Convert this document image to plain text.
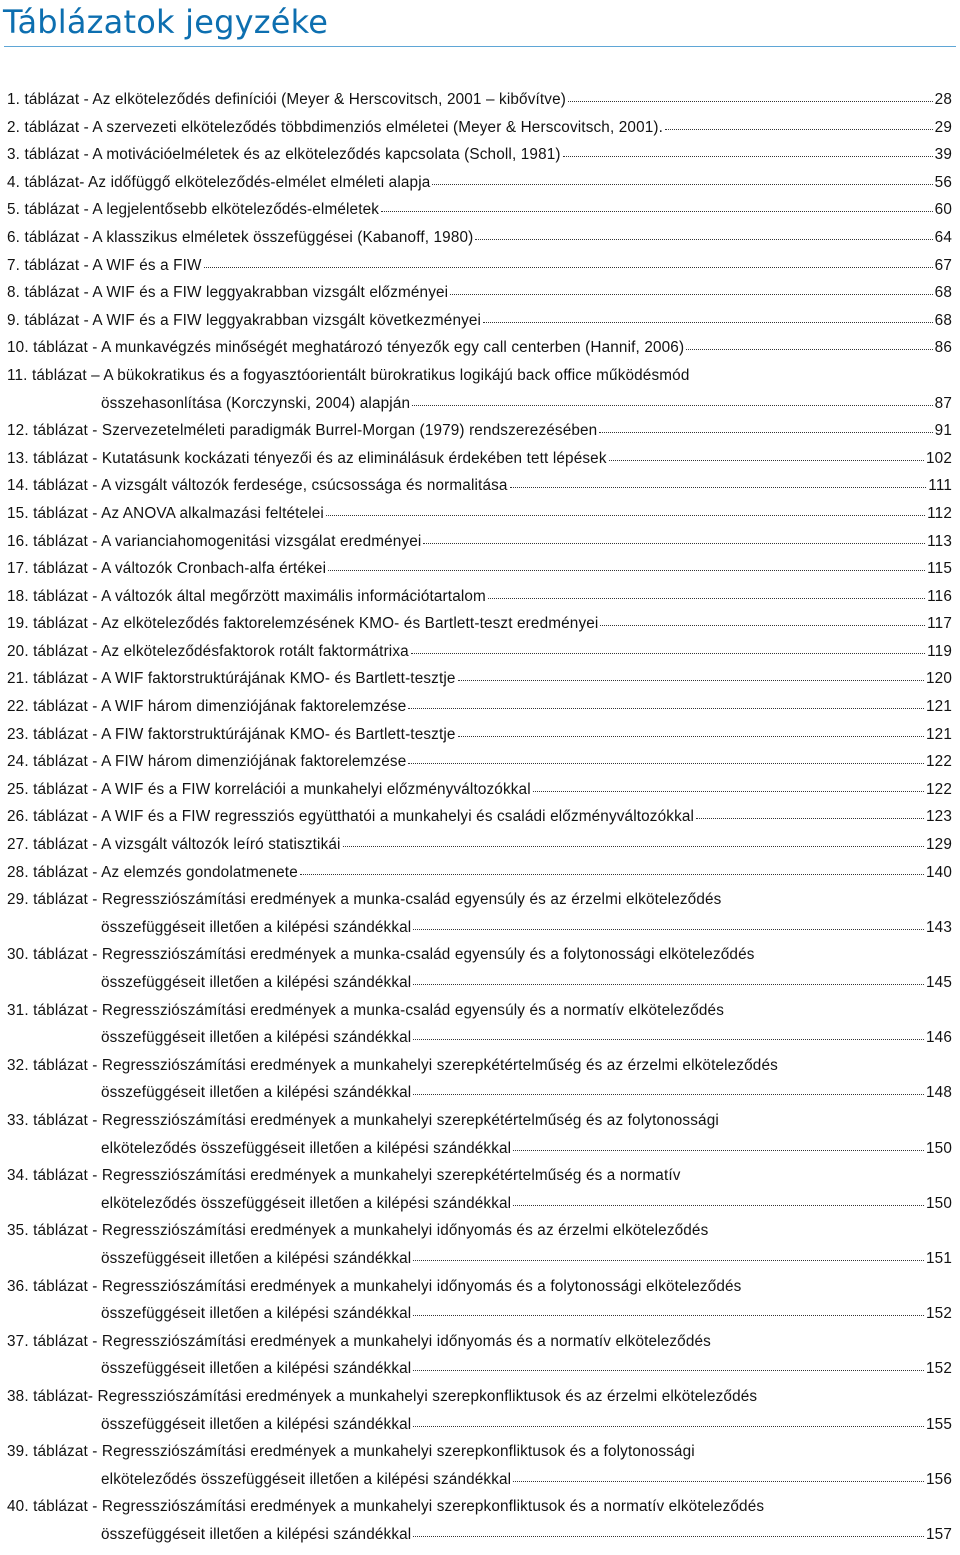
Táblázatok jegyzéke
1. táblázat - Az elköteleződés definíciói (Meyer & Herscovitsch, 2001 – kibővítve)	28
2. táblázat - A szervezeti elköteleződés többdimenziós elméletei (Meyer & Herscovitsch, 2001).	29
3. táblázat - A motivációelméletek és az elköteleződés kapcsolata (Scholl, 1981)	39
4. táblázat- Az időfüggő elköteleződés-elmélet elméleti alapja	56
5. táblázat - A legjelentősebb elköteleződés-elméletek	60
6. táblázat - A klasszikus elméletek összefüggései (Kabanoff, 1980)	64
7. táblázat - A WIF és a FIW	67
8. táblázat - A WIF és a FIW leggyakrabban vizsgált előzményei	68
9. táblázat - A WIF és a FIW leggyakrabban vizsgált következményei	68
10. táblázat - A munkavégzés minőségét meghatározó tényezők egy call centerben (Hannif, 2006)	86
11. táblázat – A bükokratikus és a fogyasztóorientált bürokratikus logikájú back office működésmód
összehasonlítása (Korczynski, 2004) alapján	87
12. táblázat - Szervezetelméleti paradigmák Burrel-Morgan (1979) rendszerezésében	91
13. táblázat - Kutatásunk kockázati tényezői és az eliminálásuk érdekében tett lépések	102
14. táblázat - A vizsgált változók ferdesége, csúcsossága és normalitása	111
15. táblázat - Az ANOVA alkalmazási feltételei	112
16. táblázat - A varianciahomogenitási vizsgálat eredményei	113
17. táblázat - A változók Cronbach-alfa értékei	115
18. táblázat - A változók által megőrzött maximális információtartalom	116
19. táblázat - Az elköteleződés faktorelemzésének KMO- és Bartlett-teszt eredményei	117
20. táblázat - Az elköteleződésfaktorok rotált faktormátrixa	119
21. táblázat - A WIF faktorstruktúrájának KMO- és Bartlett-tesztje	120
22. táblázat - A WIF három dimenziójának faktorelemzése	121
23. táblázat - A FIW faktorstruktúrájának KMO- és Bartlett-tesztje	121
24. táblázat - A FIW három dimenziójának faktorelemzése	122
25. táblázat - A WIF és a FIW korrelációi a munkahelyi előzményváltozókkal	122
26. táblázat - A WIF és a FIW regressziós együtthatói a munkahelyi és családi előzményváltozókkal	123
27. táblázat - A vizsgált változók leíró statisztikái	129
28. táblázat - Az elemzés gondolatmenete	140
29. táblázat - Regressziószámítási eredmények a munka-család egyensúly és az érzelmi elköteleződés
összefüggéseit illetően a kilépési szándékkal	143
30. táblázat - Regressziószámítási eredmények a munka-család egyensúly és a folytonossági elköteleződés
összefüggéseit illetően a kilépési szándékkal	145
31. táblázat - Regressziószámítási eredmények a munka-család egyensúly és a normatív elköteleződés
összefüggéseit illetően a kilépési szándékkal	146
32. táblázat - Regressziószámítási eredmények a munkahelyi szerepkétértelműség és az érzelmi elköteleződés
összefüggéseit illetően a kilépési szándékkal	148
33. táblázat - Regressziószámítási eredmények a munkahelyi szerepkétértelműség és az folytonossági
elköteleződés összefüggéseit illetően a kilépési szándékkal	150
34. táblázat - Regressziószámítási eredmények a munkahelyi szerepkétértelműség és a normatív
elköteleződés összefüggéseit illetően a kilépési szándékkal	150
35. táblázat - Regressziószámítási eredmények a munkahelyi időnyomás és az érzelmi elköteleződés
összefüggéseit illetően a kilépési szándékkal	151
36. táblázat - Regressziószámítási eredmények a munkahelyi időnyomás és a folytonossági elköteleződés
összefüggéseit illetően a kilépési szándékkal	152
37. táblázat - Regressziószámítási eredmények a munkahelyi időnyomás és a normatív elköteleződés
összefüggéseit illetően a kilépési szándékkal	152
38. táblázat- Regressziószámítási eredmények a munkahelyi szerepkonfliktusok és az érzelmi elköteleződés
összefüggéseit illetően a kilépési szándékkal	155
39. táblázat - Regressziószámítási eredmények a munkahelyi szerepkonfliktusok és a folytonossági
elköteleződés összefüggéseit illetően a kilépési szándékkal	156
40. táblázat - Regressziószámítási eredmények a munkahelyi szerepkonfliktusok és a normatív elköteleződés
összefüggéseit illetően a kilépési szándékkal	157
